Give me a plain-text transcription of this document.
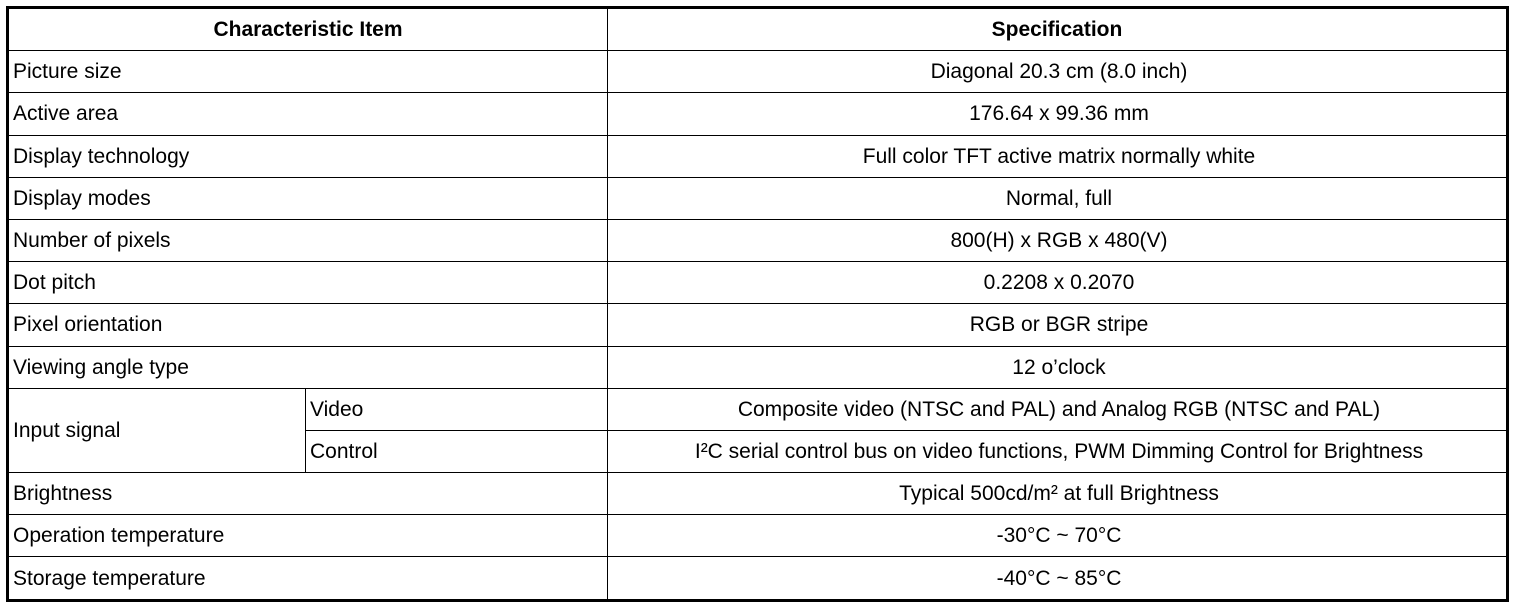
Characteristic Item		Specification
Picture size		Diagonal 20.3 cm (8.0 inch)
Active area		176.64 x 99.36 mm
Display technology		Full color TFT active matrix normally white
Display modes		Normal, full
Number of pixels		800(H) x RGB x 480(V)
Dot pitch		0.2208 x 0.2070
Pixel orientation		RGB or BGR stripe
Viewing angle type		12 o’clock
Input signal	Video	Composite video (NTSC and PAL) and Analog RGB (NTSC and PAL)
	Control	I²C serial control bus on video functions, PWM Dimming Control for Brightness
Brightness		Typical 500cd/m² at full Brightness
Operation temperature		-30°C ~ 70°C
Storage temperature		-40°C ~ 85°C
